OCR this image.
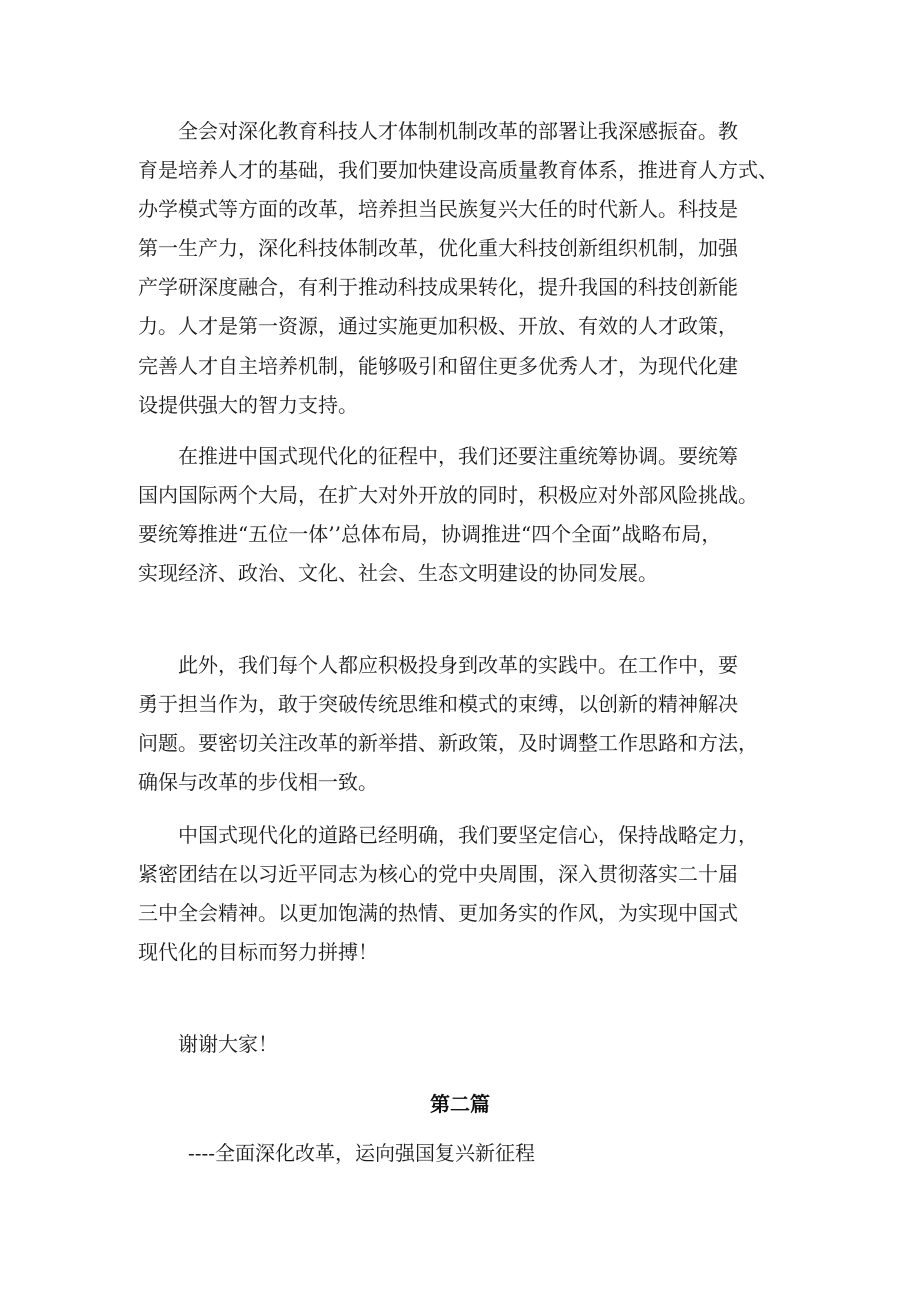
　　全会对深化教育科技人才体制机制改革的部署让我深感振奋。教
育是培养人才的基础，我们要加快建设高质量教育体系，推进育人方式、
办学模式等方面的改革，培养担当民族复兴大任的时代新人。科技是
第一生产力，深化科技体制改革，优化重大科技创新组织机制，加强
产学研深度融合，有利于推动科技成果转化，提升我国的科技创新能
力。人才是第一资源，通过实施更加积极、开放、有效的人才政策，
完善人才自主培养机制，能够吸引和留住更多优秀人才，为现代化建
设提供强大的智力支持。

　　在推进中国式现代化的征程中，我们还要注重统筹协调。要统筹
国内国际两个大局，在扩大对外开放的同时，积极应对外部风险挑战。
要统筹推进“五位一体’’总体布局，协调推进“四个全面”战略布局，
实现经济、政治、文化、社会、生态文明建设的协同发展。

　　此外，我们每个人都应积极投身到改革的实践中。在工作中，要
勇于担当作为，敢于突破传统思维和模式的束缚，以创新的精神解决
问题。要密切关注改革的新举措、新政策，及时调整工作思路和方法，
确保与改革的步伐相一致。

　　中国式现代化的道路已经明确，我们要坚定信心，保持战略定力，
紧密团结在以习近平同志为核心的党中央周围，深入贯彻落实二十届
三中全会精神。以更加饱满的热情、更加务实的作风，为实现中国式
现代化的目标而努力拼搏！

　　谢谢大家！

第二篇

----全面深化改革，运向强国复兴新征程
